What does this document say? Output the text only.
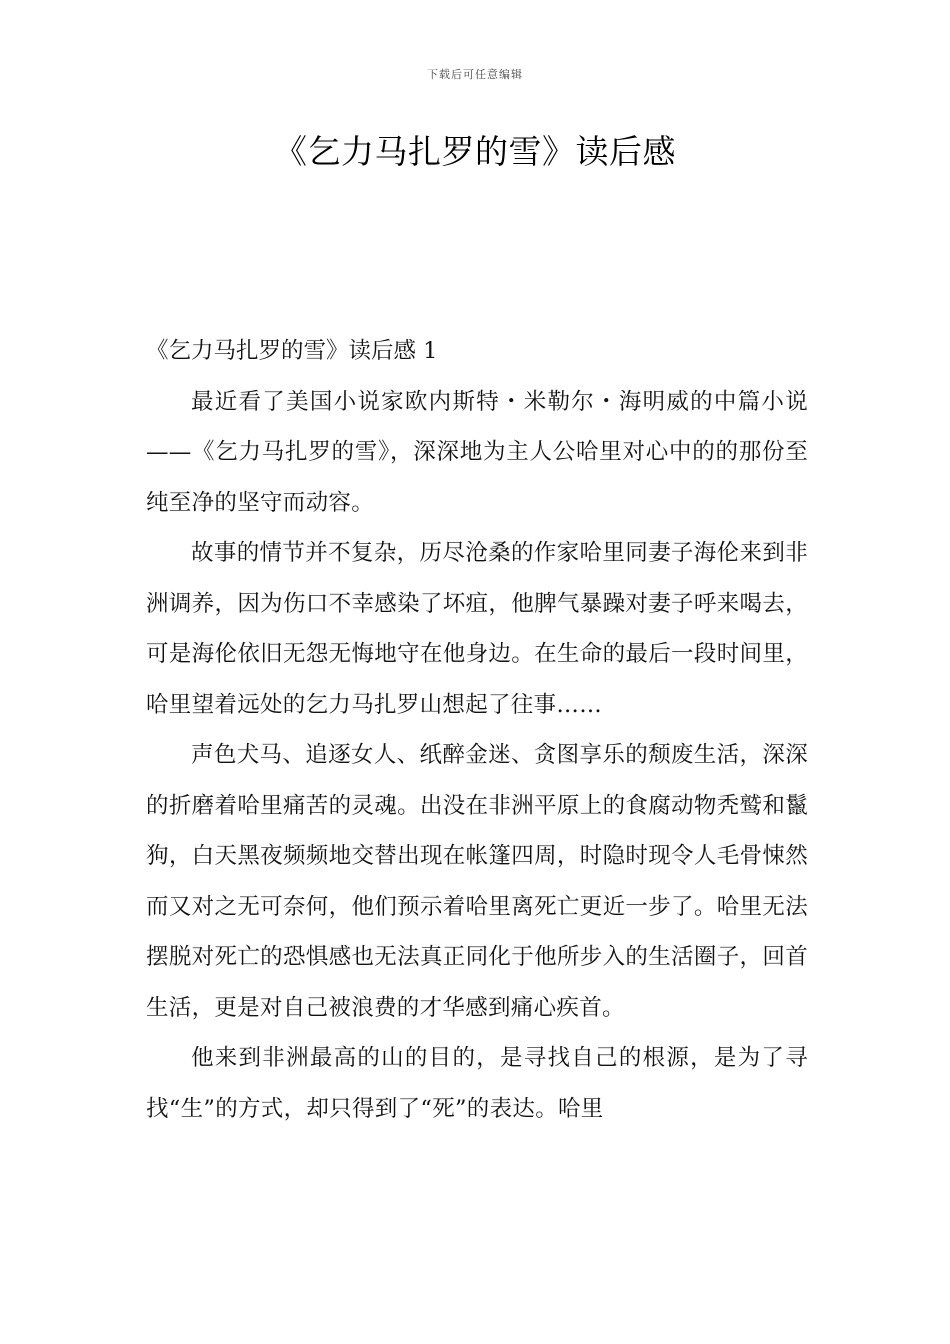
下载后可任意编辑
《乞力马扎罗的雪》读后感

《乞力马扎罗的雪》读后感 1

最近看了美国小说家欧内斯特・米勒尔・海明威的中篇小说——《乞力马扎罗的雪》，深深地为主人公哈里对心中的的那份至纯至净的坚守而动容。

故事的情节并不复杂，历尽沧桑的作家哈里同妻子海伦来到非洲调养，因为伤口不幸感染了坏疽，他脾气暴躁对妻子呼来喝去，可是海伦依旧无怨无悔地守在他身边。在生命的最后一段时间里，哈里望着远处的乞力马扎罗山想起了往事……

声色犬马、追逐女人、纸醉金迷、贪图享乐的颓废生活，深深的折磨着哈里痛苦的灵魂。出没在非洲平原上的食腐动物秃鹫和鬣狗，白天黑夜频频地交替出现在帐篷四周，时隐时现令人毛骨悚然而又对之无可奈何，他们预示着哈里离死亡更近一步了。哈里无法摆脱对死亡的恐惧感也无法真正同化于他所步入的生活圈子，回首生活，更是对自己被浪费的才华感到痛心疾首。

他来到非洲最高的山的目的，是寻找自己的根源，是为了寻找“生”的方式，却只得到了“死”的表达。哈里
